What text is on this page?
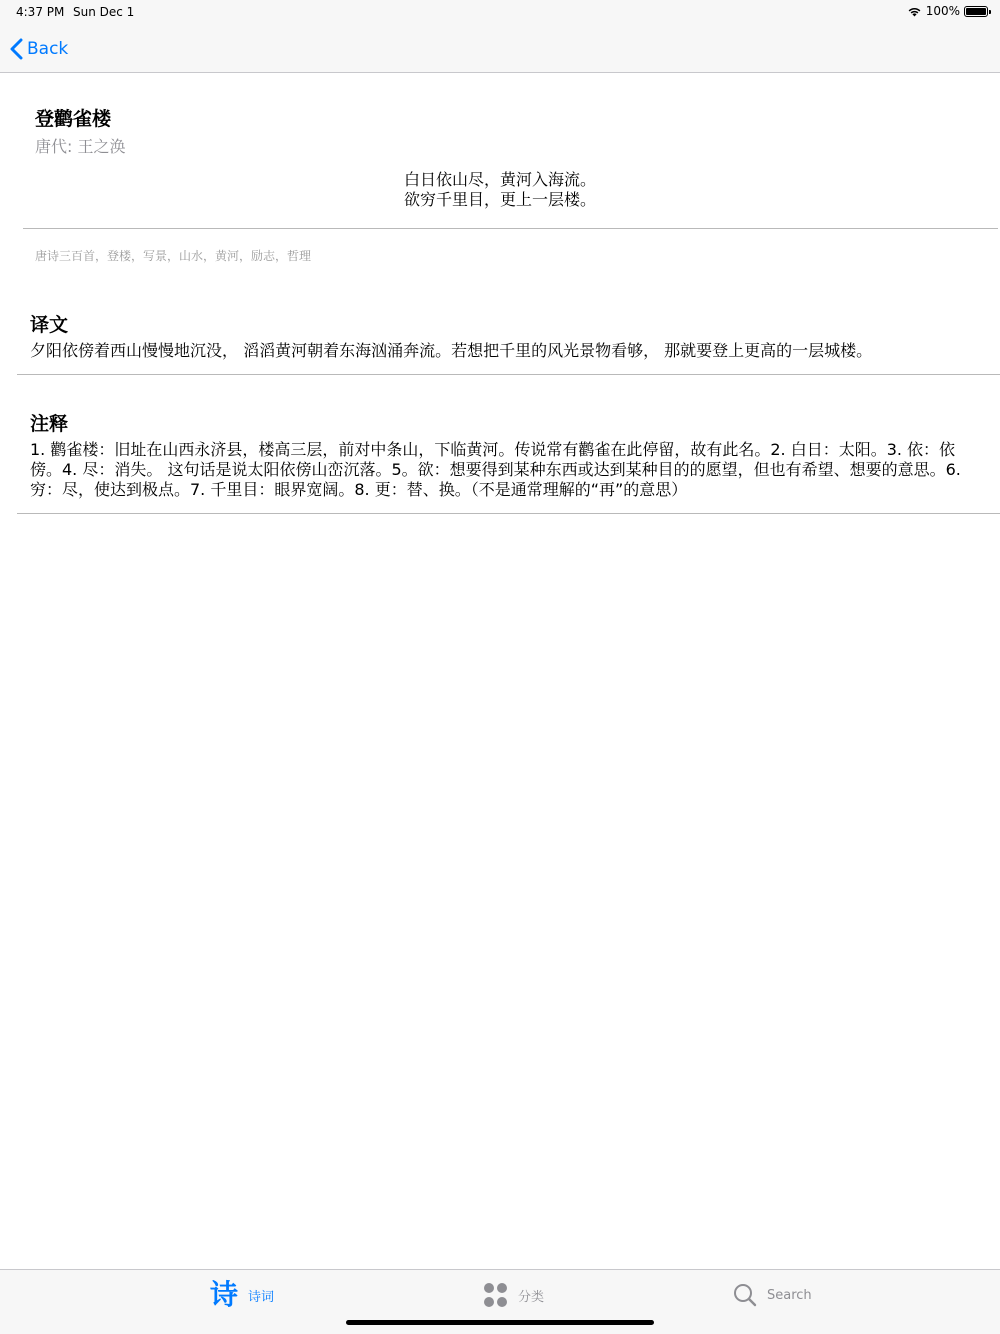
4:37 PM Sun Dec 1	100%
Back
登鹳雀楼
唐代: 王之涣
白日依山尽，黄河入海流。
欲穷千里目，更上一层楼。
唐诗三百首，登楼，写景，山水，黄河，励志，哲理
译文
夕阳依傍着西山慢慢地沉没， 滔滔黄河朝着东海汹涌奔流。若想把千里的风光景物看够， 那就要登上更高的一层城楼。
注释
1. 鹳雀楼：旧址在山西永济县，楼高三层，前对中条山，下临黄河。传说常有鹳雀在此停留，故有此名。2. 白日：太阳。3. 依：依傍。4. 尽：消失。 这句话是说太阳依傍山峦沉落。5。欲：想要得到某种东西或达到某种目的的愿望，但也有希望、想要的意思。6. 穷：尽，使达到极点。7. 千里目：眼界宽阔。8. 更：替、换。（不是通常理解的“再”的意思）
诗 诗词	分类	Search
